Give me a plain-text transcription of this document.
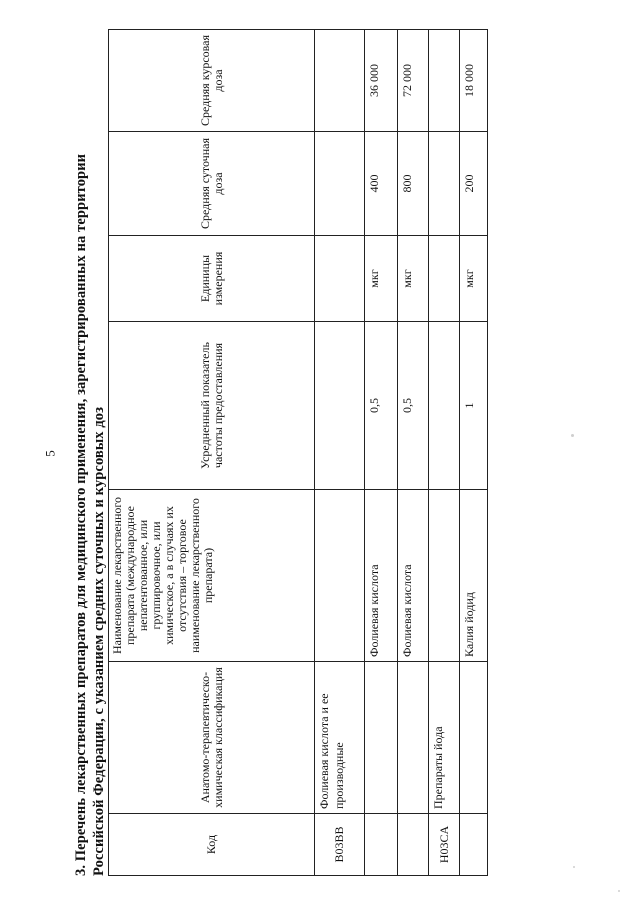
5 3. Перечень лекарственных препаратов для медицинского применения, зарегистрированных на территории Российской Федерации, с указанием средних суточных и курсовых доз	Код	Анатомо-терапевтическо-химическая классификация	Наименование лекарственного препарата (международное непатентованное, или группировочное, или химическое, а в случаях их отсутствия – торговое наименование лекарственного препарата)	Усредненный показатель частоты предоставления	Единицы измерения	Средняя суточная доза	Средняя курсовая доза
B03BB	Фолиевая кислота и ее производные					
		Фолиевая кислота	0,5	мкг	400	36 000
		Фолиевая кислота	0,5	мкг	800	72 000
H03CA	Препараты йода					
		Калия йодид	1	мкг	200	18 000
